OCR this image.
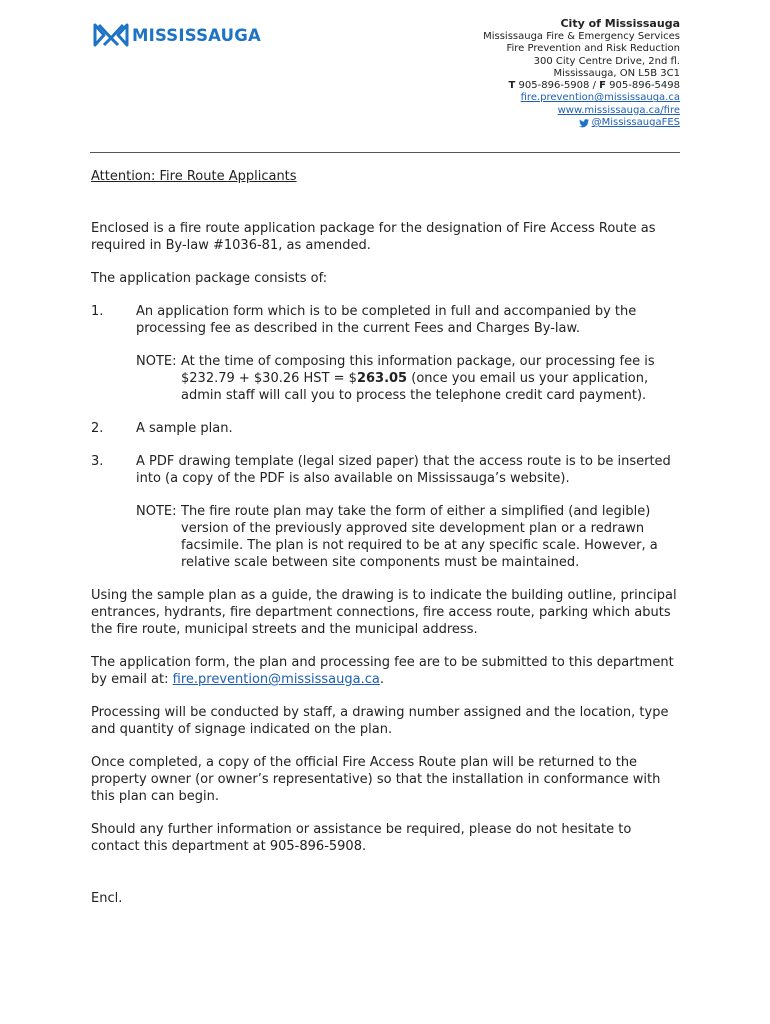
MISSISSAUGA
City of Mississauga
Mississauga Fire & Emergency Services
Fire Prevention and Risk Reduction
300 City Centre Drive, 2nd fl.
Mississauga, ON L5B 3C1
T 905-896-5908 / F 905-896-5498
fire.prevention@mississauga.ca
www.mississauga.ca/fire
@MississaugaFES

Attention: Fire Route Applicants

Enclosed is a fire route application package for the designation of Fire Access Route as required in By-law #1036-81, as amended.

The application package consists of:

1.	An application form which is to be completed in full and accompanied by the processing fee as described in the current Fees and Charges By-law.
NOTE: At the time of composing this information package, our processing fee is $232.79 + $30.26 HST = $263.05 (once you email us your application, admin staff will call you to process the telephone credit card payment).
2.	A sample plan.
3.	A PDF drawing template (legal sized paper) that the access route is to be inserted into (a copy of the PDF is also available on Mississauga’s website).
NOTE: The fire route plan may take the form of either a simplified (and legible) version of the previously approved site development plan or a redrawn facsimile. The plan is not required to be at any specific scale. However, a relative scale between site components must be maintained.

Using the sample plan as a guide, the drawing is to indicate the building outline, principal entrances, hydrants, fire department connections, fire access route, parking which abuts the fire route, municipal streets and the municipal address.

The application form, the plan and processing fee are to be submitted to this department by email at: fire.prevention@mississauga.ca.

Processing will be conducted by staff, a drawing number assigned and the location, type and quantity of signage indicated on the plan.

Once completed, a copy of the official Fire Access Route plan will be returned to the property owner (or owner’s representative) so that the installation in conformance with this plan can begin.

Should any further information or assistance be required, please do not hesitate to contact this department at 905-896-5908.

Encl.
